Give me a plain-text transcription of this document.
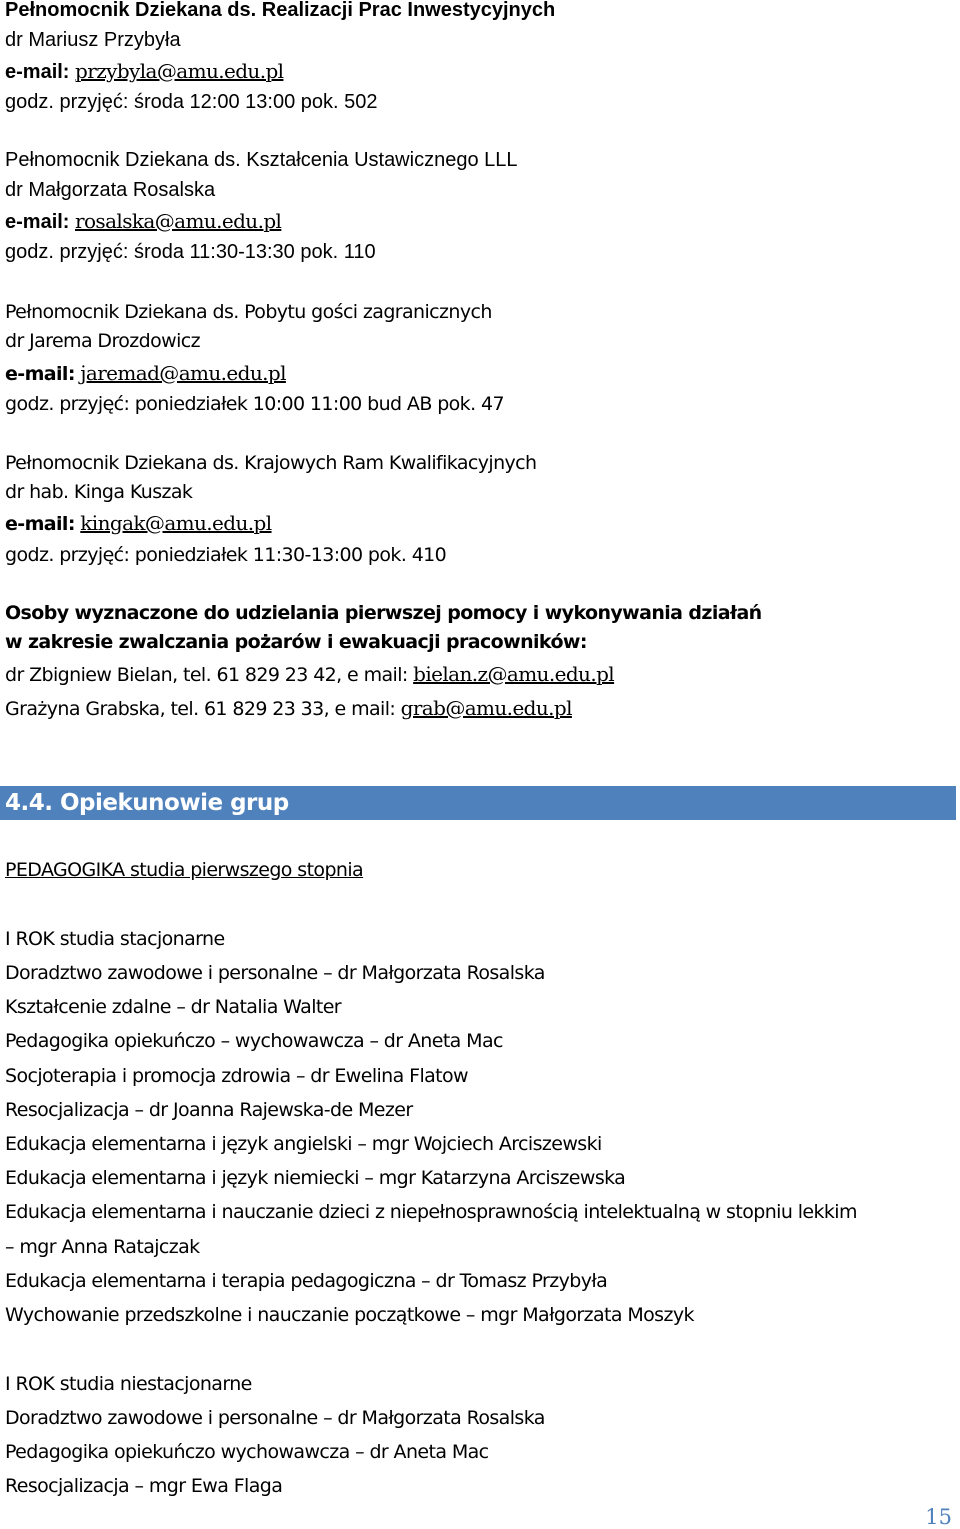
Pełnomocnik Dziekana ds. Realizacji Prac Inwestycyjnych
dr Mariusz Przybyła
e-mail: przybyla@amu.edu.pl
godz. przyjęć: środa 12:00 13:00 pok. 502
Pełnomocnik Dziekana ds. Kształcenia Ustawicznego LLL
dr Małgorzata Rosalska
e-mail: rosalska@amu.edu.pl
godz. przyjęć: środa 11:30-13:30 pok. 110
Pełnomocnik Dziekana ds. Pobytu gości zagranicznych
dr Jarema Drozdowicz
e-mail: jaremad@amu.edu.pl
godz. przyjęć: poniedziałek 10:00 11:00 bud AB pok. 47
Pełnomocnik Dziekana ds. Krajowych Ram Kwalifikacyjnych
dr hab. Kinga Kuszak
e-mail: kingak@amu.edu.pl
godz. przyjęć: poniedziałek 11:30-13:00 pok. 410
Osoby wyznaczone do udzielania pierwszej pomocy i wykonywania działań
w zakresie zwalczania pożarów i ewakuacji pracowników:
dr Zbigniew Bielan, tel. 61 829 23 42, e mail: bielan.z@amu.edu.pl
Grażyna Grabska, tel. 61 829 23 33, e mail: grab@amu.edu.pl
4.4. Opiekunowie grup
PEDAGOGIKA studia pierwszego stopnia
I ROK studia stacjonarne
Doradztwo zawodowe i personalne – dr Małgorzata Rosalska
Kształcenie zdalne – dr Natalia Walter
Pedagogika opiekuńczo – wychowawcza – dr Aneta Mac
Socjoterapia i promocja zdrowia – dr Ewelina Flatow
Resocjalizacja – dr Joanna Rajewska-de Mezer
Edukacja elementarna i język angielski – mgr Wojciech Arciszewski
Edukacja elementarna i język niemiecki – mgr Katarzyna Arciszewska
Edukacja elementarna i nauczanie dzieci z niepełnosprawnością intelektualną w stopniu lekkim
– mgr Anna Ratajczak
Edukacja elementarna i terapia pedagogiczna – dr Tomasz Przybyła
Wychowanie przedszkolne i nauczanie początkowe – mgr Małgorzata Moszyk
I ROK studia niestacjonarne
Doradztwo zawodowe i personalne – dr Małgorzata Rosalska
Pedagogika opiekuńczo wychowawcza – dr Aneta Mac
Resocjalizacja – mgr Ewa Flaga
15
